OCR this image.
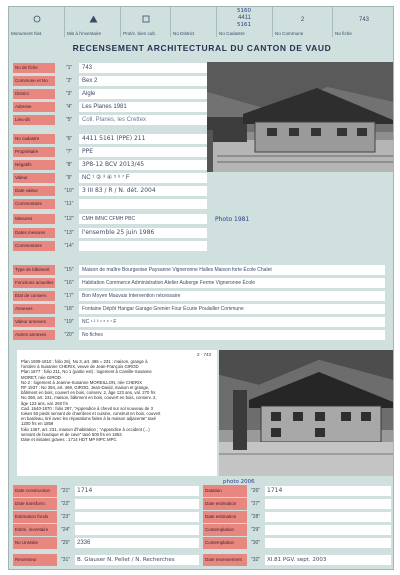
Monument hist.	Mis à l'inventaire	Prot/c. bien cult.	No District
5160
4411
5161
No Cadastre
2
No Commune
743
No fiche
RECENSEMENT ARCHITECTURAL DU CANTON DE VAUD
No de fiche	"1"	743
Commune et No	"2"	Bex 2
District	"3"	Aigle
Adresse	"4"	Les Planes 1981
Lieu-dit	"5"	Coll. Planes, les Crettex
No cadastre	"6"	4411 5161 (PPE) 211
Propriétaire	"7"	PPE
Négatifs	"8"	3P8-12 BCV 2013/45
Valeur	"9"	NC ¹ ② ³ ④ ⁵ ⁶ ⁷ F
Date valeur	"10"	3 III 83 / R / N. dét. 2004
Commentaire	"11"
Mesures	"12"	CMH IMNC CFMH PBC
Dates mesures	"13"	l'ensemble 25 juin 1986
Commentaire	"14"
Photo 1981
Type de bâtiment	"15"	Maison de maître Bourgeoise Paysanne Vigneronne Halles Maison forte École Chalet
Fonctions actuelles	"16"	Habitation Commerce Administration Atelier Auberge Ferme Vigneronne École
Etat de conserv.	"17"	Bon Moyen Mauvais Intervention nécessaire
Annexes	"18"	Fontaine Dépôt Hangar Garage Grenier Four Écurie Poulailler Commune
Valeur annexes	"19"	NC ¹ ² ³ ⁴ ⁵ ⁶ ⁷ F
Autres annexes	"20"	No fiches
2 · 743

Plan 1808-1810 ; folio 26), No 3, art. 496 = 231 : maison, grange à

l'ontière à Susanne CHERIX, veuve de Jean-François GIROD

Plan 1877 : folio 211, No 1 (partie est) : logement à Camille-Susanne

MORET, née GIROD

No 2 : logement à Jeanne-Susanne MOREILLON, née CHERIX

RF 1937 : No 394, art. 469, GIROD, Jean-David, maison et grange,

bâtiment en bois, couvert en bois, conserv. 2, âge 123 ans, val. 270 frs

No 368, art. 231, maison, bâtiment en bois, couvert en bois, conserv. 2,

âge 123 ans, val. 260 frs

Cad. 1640-1870 : folio 297, "Appendice à chevit sur sol nouveau de 3

toises 50 pieds servant de chambres et cuisine, construit en bois, couvert

en bardeau, tiré avec les réparations faites à la maison adjacente" taxé

1200 frs en 1859

folio 1367, art. 231, maison d'habitation ; "Appendice à occident (...)

servant de boutique et de cave" taxé 500 frs en 1863

Date et initiales graves : 1714 HDT MP MPC MPC

photo 2006
Date construction	"21"	1714
Date transform.	"22"
Estimation fonds	"23"
Estim. inventaire	"24"
No Unsisite	"25"	2336
Datation	"26"	1714
Date estimation	"27"
Date estimation	"28"
Contemplation	"29"
Contemplation	"30"
Recenseur	"31"	B. Glauser N. Pellet / N. Recherches	Date recensement	"32"	XI.81 PGV. sept. 2003
